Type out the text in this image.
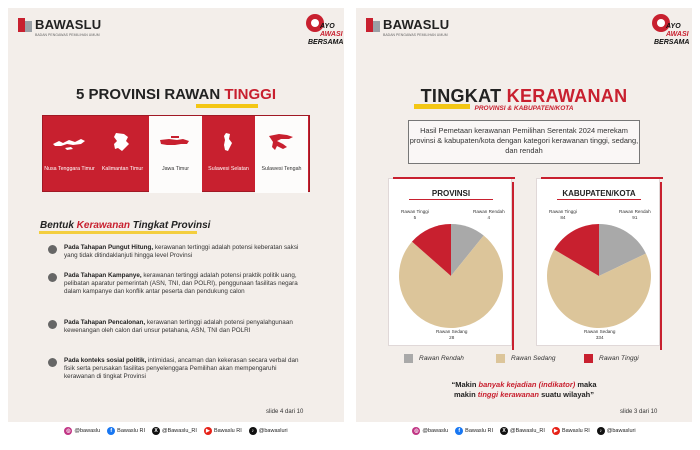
BAWASLU
BADAN PENGAWAS PEMILIHAN UMUM
AYO
AWASI
BERSAMA
5 PROVINSI RAWAN TINGGI
Nusa Tenggara Timur	Kalimantan Timur	Jawa Timur	Sulawesi Selatan	Sulawesi Tengah
Bentuk Kerawanan Tingkat Provinsi
Pada Tahapan Pungut Hitung, kerawanan tertinggi adalah potensi keberatan saksi yang tidak ditindaklanjuti hingga level Provinsi
Pada Tahapan Kampanye, kerawanan tertinggi adalah potensi praktik politik uang, pelibatan aparatur pemerintah (ASN, TNI, dan POLRI), penggunaan fasilitas negara dalam kampanye dan konflik antar peserta dan pendukung calon
Pada Tahapan Pencalonan, kerawanan tertinggi adalah potensi penyalahgunaan kewenangan oleh calon dari unsur petahana, ASN, TNI dan POLRI
Pada konteks sosial politik, intimidasi, ancaman dan kekerasan secara verbal dan fisik serta perusakan fasilitas penyelenggara Pemilihan akan mempengaruhi kerawanan di tingkat Provinsi
slide 4 dari 10
◎ @bawaslu	f Bawaslu RI	X @Bawaslu_RI	▶ Bawaslu RI	♪ @bawasluri
BAWASLU
BADAN PENGAWAS PEMILIHAN UMUM
AYO
AWASI
BERSAMA
TINGKAT KERAWANAN
PROVINSI & KABUPATEN/KOTA
Hasil Pemetaan kerawanan Pemilihan Serentak 2024 merekam provinsi & kabupaten/kota dengan kategori kerawanan tinggi, sedang, dan rendah
PROVINSI
Rawan Tinggi
5
Rawan Rendah
4
Rawan Sedang
28
KABUPATEN/KOTA
Rawan Tinggi
84
Rawan Rendah
91
Rawan Sedang
334
Rawan Rendah	Rawan Sedang	Rawan Tinggi
“Makin banyak kejadian (indikator) maka
makin tinggi kerawanan suatu wilayah”
slide 3 dari 10
◎ @bawaslu	f Bawaslu RI	X @Bawaslu_RI	▶ Bawaslu RI	♪ @bawasluri
